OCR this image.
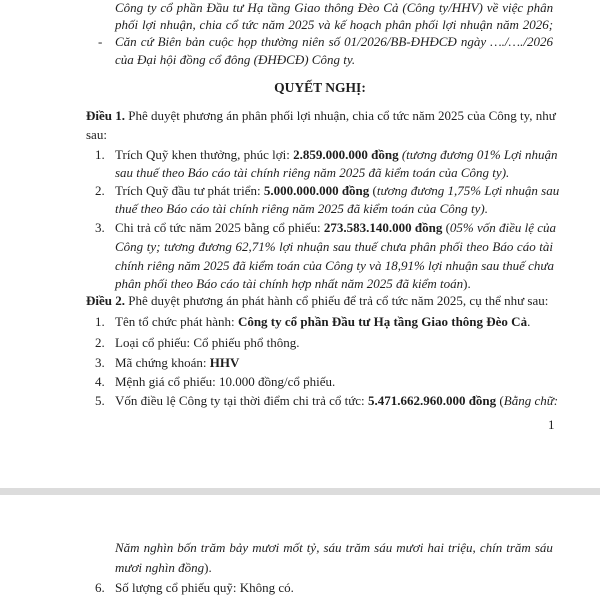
-
QUYẾT NGHỊ:
1
Công ty cổ phần Đầu tư Hạ tầng Giao thông Đèo Cả (Công ty/HHV) về việc phân
phối lợi nhuận, chia cổ tức năm 2025 và kế hoạch phân phối lợi nhuận năm 2026;
Căn cứ Biên bản cuộc họp thường niên số 01/2026/BB-ĐHĐCĐ ngày …./…./2026
của Đại hội đồng cổ đông (ĐHĐCĐ) Công ty.
Điều 1. Phê duyệt phương án phân phối lợi nhuận, chia cổ tức năm 2025 của Công ty, như
sau:
Trích Quỹ khen thưởng, phúc lợi: 2.859.000.000 đồng (tương đương 01% Lợi nhuận
sau thuế theo Báo cáo tài chính riêng năm 2025 đã kiểm toán của Công ty).
Trích Quỹ đầu tư phát triển: 5.000.000.000 đồng (tương đương 1,75% Lợi nhuận sau
thuế theo Báo cáo tài chính riêng năm 2025 đã kiểm toán của Công ty).
Chi trả cổ tức năm 2025 bằng cổ phiếu: 273.583.140.000 đồng (05% vốn điều lệ của
Công ty; tương đương 62,71% lợi nhuận sau thuế chưa phân phối theo Báo cáo tài
chính riêng năm 2025 đã kiểm toán của Công ty và 18,91% lợi nhuận sau thuế chưa
phân phối theo Báo cáo tài chính hợp nhất năm 2025 đã kiểm toán).
Điều 2. Phê duyệt phương án phát hành cổ phiếu để trả cổ tức năm 2025, cụ thể như sau:
Tên tổ chức phát hành: Công ty cổ phần Đầu tư Hạ tầng Giao thông Đèo Cả.
Loại cổ phiếu: Cổ phiếu phổ thông.
Mã chứng khoán: HHV
Mệnh giá cổ phiếu: 10.000 đồng/cổ phiếu.
Vốn điều lệ Công ty tại thời điểm chi trả cổ tức: 5.471.662.960.000 đồng (Bằng chữ:
1.
2.
3.
1.
2.
3.
4.
5.
Năm nghìn bốn trăm bảy mươi mốt tỷ, sáu trăm sáu mươi hai triệu, chín trăm sáu
mươi nghìn đồng).
Số lượng cổ phiếu quỹ: Không có.
6.
